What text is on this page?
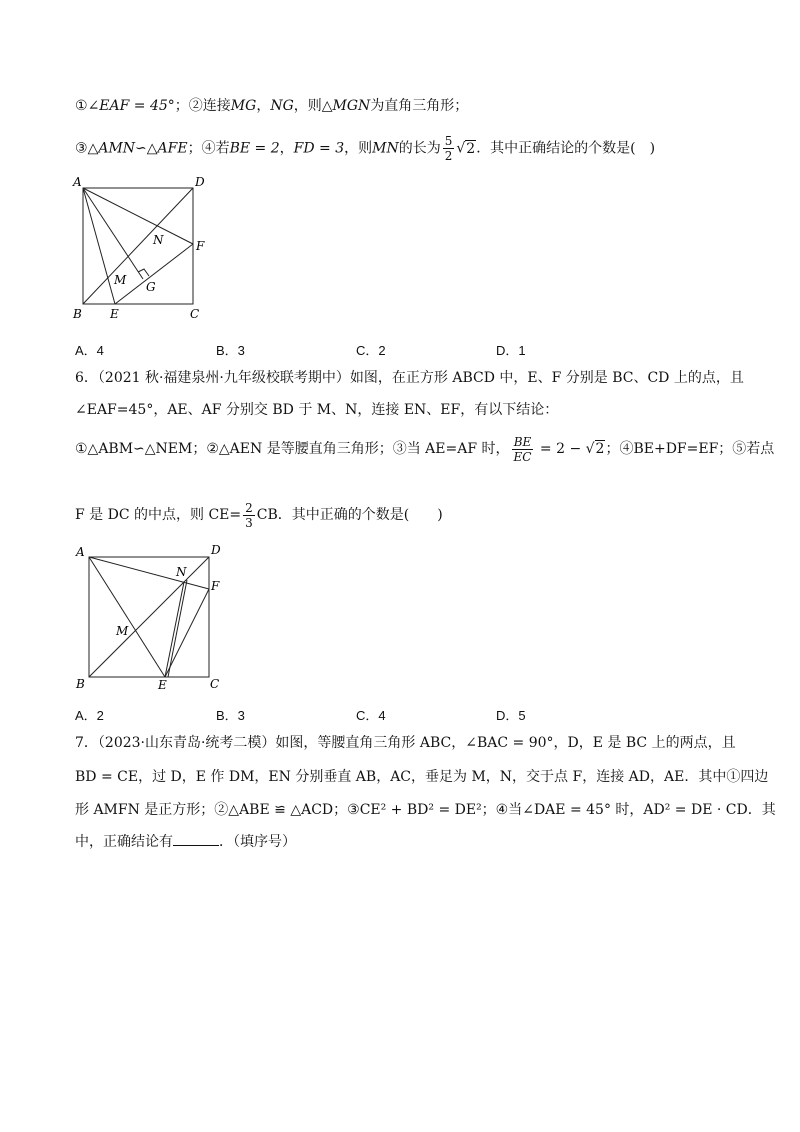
①∠EAF = 45°；②连接MG，NG，则△MGN为直角三角形；
③△AMN∽△AFE；④若BE = 2，FD = 3，则MN的长为 $\frac{5}{2} √2$．其中正确结论的个数是(　)
A	D
B	C
E
F
M
N
G
A．4	B．3	C．2	D．1
6．（2021 秋·福建泉州·九年级校联考期中）如图，在正方形 ABCD 中，E、F 分别是 BC、CD 上的点，且
∠EAF=45°，AE、AF 分别交 BD 于 M、N，连接 EN、EF，有以下结论：
①△ABM∽△NEM；②△AEN 是等腰直角三角形；③当 AE=AF 时， $\frac{BE}{EC} = 2 - √2$；④BE+DF=EF；⑤若点
F 是 DC 的中点，则 $CE= \frac{2}{3}$ CB．其中正确的个数是(　　)
A	D
B	C
E
F
M
N
A．2	B．3	C．4	D．5
7．（2023·山东青岛·统考二模）如图，等腰直角三角形 ABC，∠BAC = 90°，D，E 是 BC 上的两点，且
BD = CE，过 D，E 作 DM，EN 分别垂直 AB，AC，垂足为 M，N，交于点 F，连接 AD，AE．其中①四边
形 AMFN 是正方形；②△ABE ≌ △ACD；③CE² + BD² = DE²；④当∠DAE = 45° 时，AD² = DE · CD．其
中，正确结论有	．（填序号）
